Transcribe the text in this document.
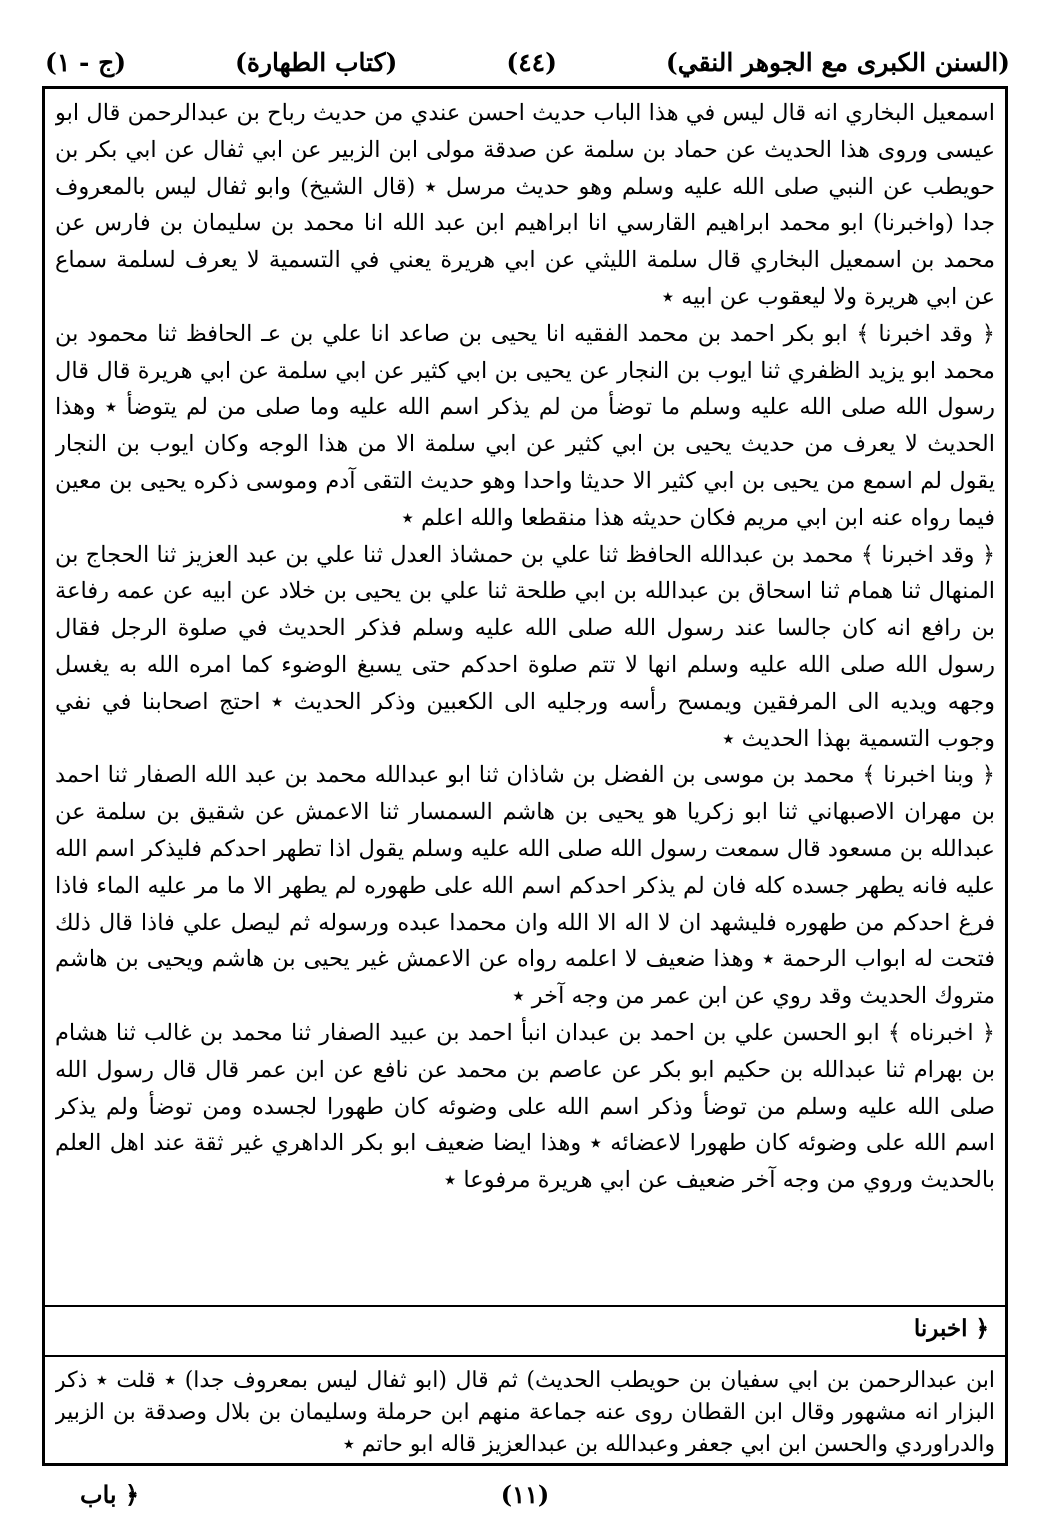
(السنن الكبرى مع الجوهر النقي)
(٤٤)
(كتاب الطهارة)
(ج - ١)

اسمعيل البخاري انه قال ليس في هذا الباب حديث احسن عندي من حديث رباح بن عبدالرحمن قال ابو عيسى وروى هذا الحديث عن حماد بن سلمة عن صدقة مولى ابن الزبير عن ابي ثفال عن ابي بكر بن حويطب عن النبي صلى الله عليه وسلم وهو حديث مرسل ٭ (قال الشيخ) وابو ثفال ليس بالمعروف جدا (واخبرنا) ابو محمد ابراهيم القارسي انا ابراهيم ابن عبد الله انا محمد بن سليمان بن فارس عن محمد بن اسمعيل البخاري قال سلمة الليثي عن ابي هريرة يعني في التسمية لا يعرف لسلمة سماع عن ابي هريرة ولا ليعقوب عن ابيه ٭

﴿ وقد اخبرنا ﴾ ابو بكر احمد بن محمد الفقيه انا يحيى بن صاعد انا علي بن عـ الحافظ ثنا محمود بن محمد ابو يزيد الظفري ثنا ايوب بن النجار عن يحيى بن ابي كثير عن ابي سلمة عن ابي هريرة قال قال رسول الله صلى الله عليه وسلم ما توضأ من لم يذكر اسم الله عليه وما صلى من لم يتوضأ ٭ وهذا الحديث لا يعرف من حديث يحيى بن ابي كثير عن ابي سلمة الا من هذا الوجه وكان ايوب بن النجار يقول لم اسمع من يحيى بن ابي كثير الا حديثا واحدا وهو حديث التقى آدم وموسى ذكره يحيى بن معين فيما رواه عنه ابن ابي مريم فكان حديثه هذا منقطعا والله اعلم ٭

﴿ وقد اخبرنا ﴾ محمد بن عبدالله الحافظ ثنا علي بن حمشاذ العدل ثنا علي بن عبد العزيز ثنا الحجاج بن المنهال ثنا همام ثنا اسحاق بن عبدالله بن ابي طلحة ثنا علي بن يحيى بن خلاد عن ابيه عن عمه رفاعة بن رافع انه كان جالسا عند رسول الله صلى الله عليه وسلم فذكر الحديث في صلوة الرجل فقال رسول الله صلى الله عليه وسلم انها لا تتم صلوة احدكم حتى يسبغ الوضوء كما امره الله به يغسل وجهه ويديه الى المرفقين ويمسح رأسه ورجليه الى الكعبين وذكر الحديث ٭ احتج اصحابنا في نفي وجوب التسمية بهذا الحديث ٭

﴿ وبنا اخبرنا ﴾ محمد بن موسى بن الفضل بن شاذان ثنا ابو عبدالله محمد بن عبد الله الصفار ثنا احمد بن مهران الاصبهاني ثنا ابو زكريا هو يحيى بن هاشم السمسار ثنا الاعمش عن شقيق بن سلمة عن عبدالله بن مسعود قال سمعت رسول الله صلى الله عليه وسلم يقول اذا تطهر احدكم فليذكر اسم الله عليه فانه يطهر جسده كله فان لم يذكر احدكم اسم الله على طهوره لم يطهر الا ما مر عليه الماء فاذا فرغ احدكم من طهوره فليشهد ان لا اله الا الله وان محمدا عبده ورسوله ثم ليصل علي فاذا قال ذلك فتحت له ابواب الرحمة ٭ وهذا ضعيف لا اعلمه رواه عن الاعمش غير يحيى بن هاشم ويحيى بن هاشم متروك الحديث وقد روي عن ابن عمر من وجه آخر ٭

﴿ اخبرناه ﴾ ابو الحسن علي بن احمد بن عبدان انبأ احمد بن عبيد الصفار ثنا محمد بن غالب ثنا هشام بن بهرام ثنا عبدالله بن حكيم ابو بكر عن عاصم بن محمد عن نافع عن ابن عمر قال قال رسول الله صلى الله عليه وسلم من توضأ وذكر اسم الله على وضوئه كان طهورا لجسده ومن توضأ ولم يذكر اسم الله على وضوئه كان طهورا لاعضائه ٭ وهذا ايضا ضعيف ابو بكر الداهري غير ثقة عند اهل العلم بالحديث وروي من وجه آخر ضعيف عن ابي هريرة مرفوعا ٭

﴿ اخبرنا

ابن عبدالرحمن بن ابي سفيان بن حويطب الحديث) ثم قال (ابو ثفال ليس بمعروف جدا) ٭ قلت ٭ ذكر البزار انه مشهور وقال ابن القطان روى عنه جماعة منهم ابن حرملة وسليمان بن بلال وصدقة بن الزبير والدراوردي والحسن ابن ابي جعفر وعبدالله بن عبدالعزيز قاله ابو حاتم ٭

(١١)
﴿ باب
